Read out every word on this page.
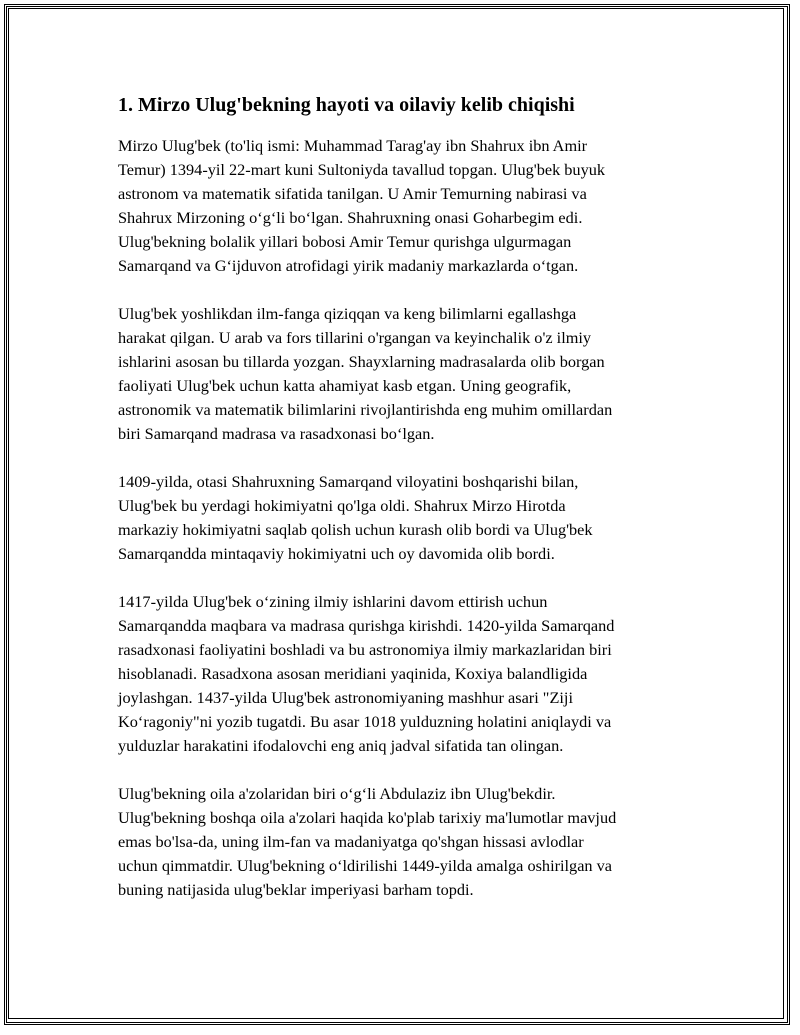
1. Mirzo Ulug'bekning hayoti va oilaviy kelib chiqishi

Mirzo Ulug'bek (to'liq ismi: Muhammad Tarag'ay ibn Shahrux ibn Amir
Temur) 1394-yil 22-mart kuni Sultoniyda tavallud topgan. Ulug'bek buyuk
astronom va matematik sifatida tanilgan. U Amir Temurning nabirasi va
Shahrux Mirzoning o‘g‘li bo‘lgan. Shahruxning onasi Goharbegim edi.
Ulug'bekning bolalik yillari bobosi Amir Temur qurishga ulgurmagan
Samarqand va G‘ijduvon atrofidagi yirik madaniy markazlarda o‘tgan.

Ulug'bek yoshlikdan ilm-fanga qiziqqan va keng bilimlarni egallashga
harakat qilgan. U arab va fors tillarini o'rgangan va keyinchalik o'z ilmiy
ishlarini asosan bu tillarda yozgan. Shayxlarning madrasalarda olib borgan
faoliyati Ulug'bek uchun katta ahamiyat kasb etgan. Uning geografik,
astronomik va matematik bilimlarini rivojlantirishda eng muhim omillardan
biri Samarqand madrasa va rasadxonasi bo‘lgan.

1409-yilda, otasi Shahruxning Samarqand viloyatini boshqarishi bilan,
Ulug'bek bu yerdagi hokimiyatni qo'lga oldi. Shahrux Mirzo Hirotda
markaziy hokimiyatni saqlab qolish uchun kurash olib bordi va Ulug'bek
Samarqandda mintaqaviy hokimiyatni uch oy davomida olib bordi.

1417-yilda Ulug'bek o‘zining ilmiy ishlarini davom ettirish uchun
Samarqandda maqbara va madrasa qurishga kirishdi. 1420-yilda Samarqand
rasadxonasi faoliyatini boshladi va bu astronomiya ilmiy markazlaridan biri
hisoblanadi. Rasadxona asosan meridiani yaqinida, Koxiya balandligida
joylashgan. 1437-yilda Ulug'bek astronomiyaning mashhur asari "Ziji
Ko‘ragoniy"ni yozib tugatdi. Bu asar 1018 yulduzning holatini aniqlaydi va
yulduzlar harakatini ifodalovchi eng aniq jadval sifatida tan olingan.

Ulug'bekning oila a'zolaridan biri o‘g‘li Abdulaziz ibn Ulug'bekdir.
Ulug'bekning boshqa oila a'zolari haqida ko'plab tarixiy ma'lumotlar mavjud
emas bo'lsa-da, uning ilm-fan va madaniyatga qo'shgan hissasi avlodlar
uchun qimmatdir. Ulug'bekning o‘ldirilishi 1449-yilda amalga oshirilgan va
buning natijasida ulug'beklar imperiyasi barham topdi.
